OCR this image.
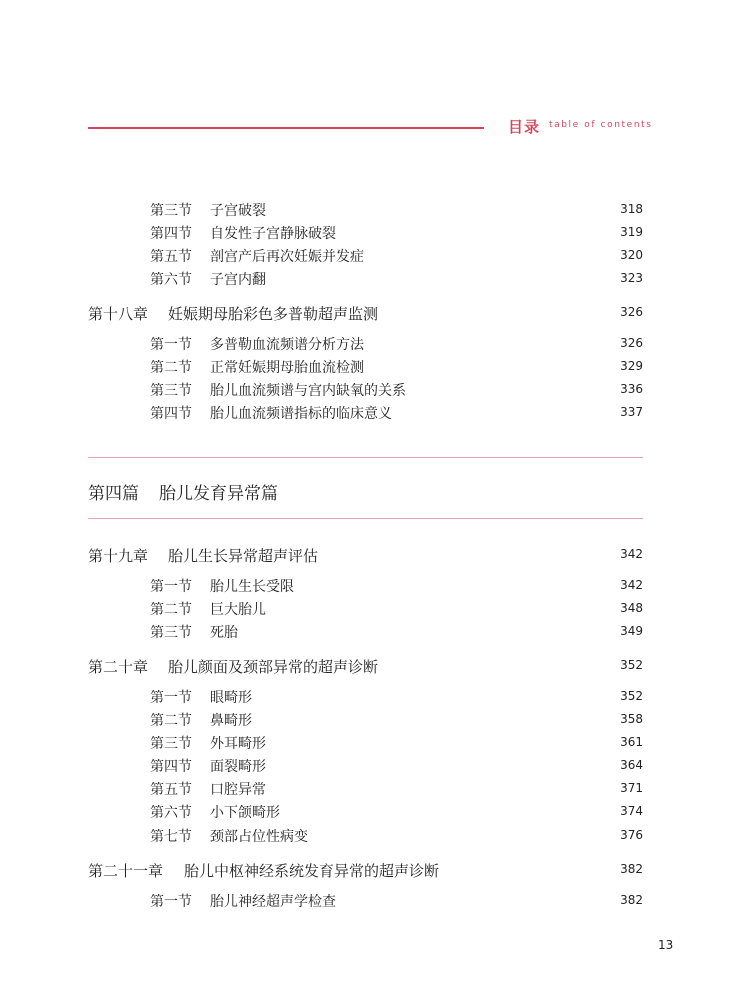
目录 table of contents
第三节 子宫破裂	318
第四节 自发性子宫静脉破裂	319
第五节 剖宫产后再次妊娠并发症	320
第六节 子宫内翻	323
第十八章 妊娠期母胎彩色多普勒超声监测	326
第一节 多普勒血流频谱分析方法	326
第二节 正常妊娠期母胎血流检测	329
第三节 胎儿血流频谱与宫内缺氧的关系	336
第四节 胎儿血流频谱指标的临床意义	337
第四篇 胎儿发育异常篇
第十九章 胎儿生长异常超声评估	342
第一节 胎儿生长受限	342
第二节 巨大胎儿	348
第三节 死胎	349
第二十章 胎儿颜面及颈部异常的超声诊断	352
第一节 眼畸形	352
第二节 鼻畸形	358
第三节 外耳畸形	361
第四节 面裂畸形	364
第五节 口腔异常	371
第六节 小下颌畸形	374
第七节 颈部占位性病变	376
第二十一章 胎儿中枢神经系统发育异常的超声诊断	382
第一节 胎儿神经超声学检查	382
13
